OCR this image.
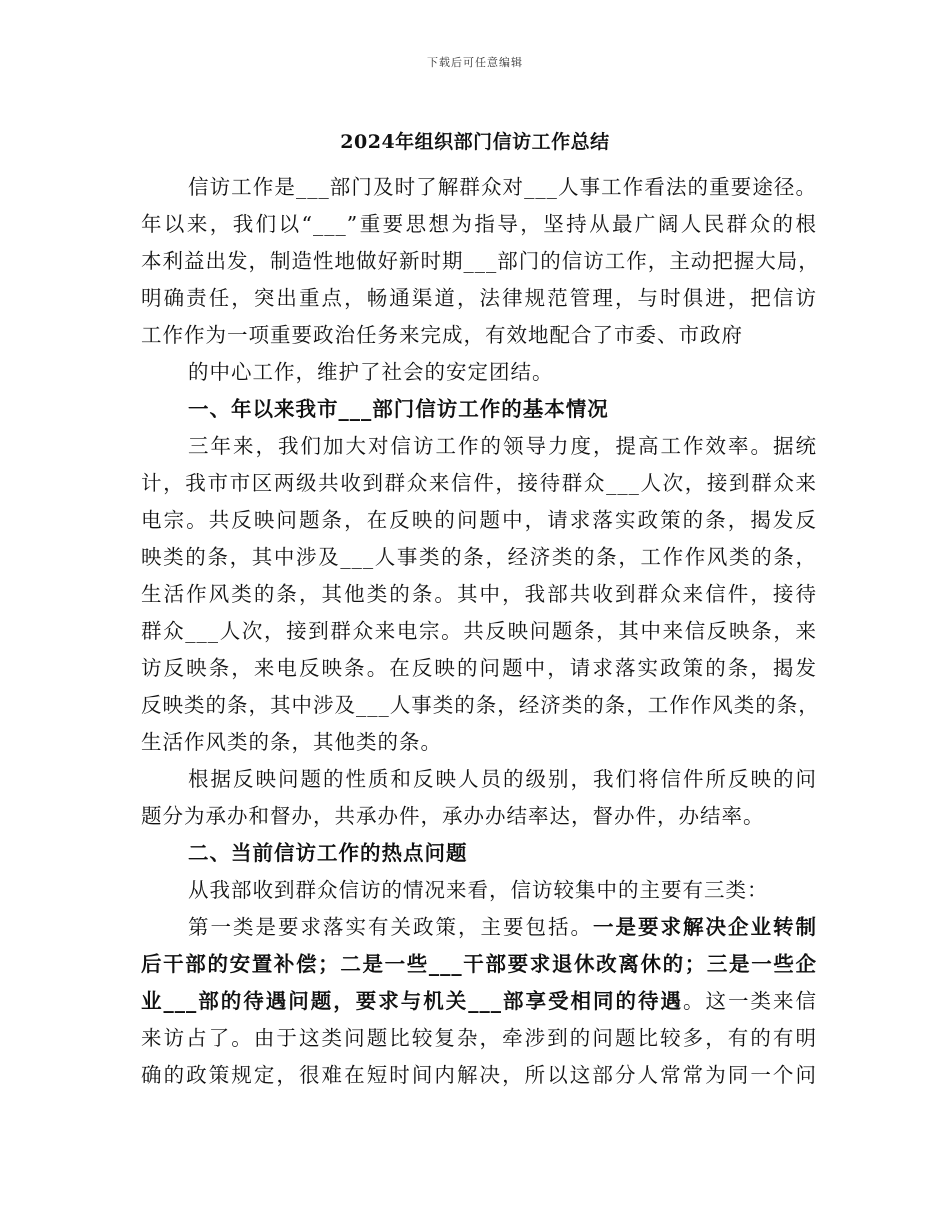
下载后可任意编辑
2024年组织部门信访工作总结
信访工作是___部门及时了解群众对___人事工作看法的重要途径。
年以来，我们以“___”重要思想为指导，坚持从最广阔人民群众的根
本利益出发，制造性地做好新时期___部门的信访工作，主动把握大局，
明确责任，突出重点，畅通渠道，法律规范管理，与时俱进，把信访
工作作为一项重要政治任务来完成，有效地配合了市委、市政府
的中心工作，维护了社会的安定团结。
一、年以来我市___部门信访工作的基本情况
三年来，我们加大对信访工作的领导力度，提高工作效率。据统
计，我市市区两级共收到群众来信件，接待群众___人次，接到群众来
电宗。共反映问题条，在反映的问题中，请求落实政策的条，揭发反
映类的条，其中涉及___人事类的条，经济类的条，工作作风类的条，
生活作风类的条，其他类的条。其中，我部共收到群众来信件，接待
群众___人次，接到群众来电宗。共反映问题条，其中来信反映条，来
访反映条，来电反映条。在反映的问题中，请求落实政策的条，揭发
反映类的条，其中涉及___人事类的条，经济类的条，工作作风类的条，
生活作风类的条，其他类的条。
根据反映问题的性质和反映人员的级别，我们将信件所反映的问
题分为承办和督办，共承办件，承办办结率达，督办件，办结率。
二、当前信访工作的热点问题
从我部收到群众信访的情况来看，信访较集中的主要有三类：
第一类是要求落实有关政策，主要包括。一是要求解决企业转制
后干部的安置补偿；二是一些___干部要求退休改离休的；三是一些企
业___部的待遇问题，要求与机关___部享受相同的待遇。这一类来信
来访占了。由于这类问题比较复杂，牵涉到的问题比较多，有的有明
确的政策规定，很难在短时间内解决，所以这部分人常常为同一个问
